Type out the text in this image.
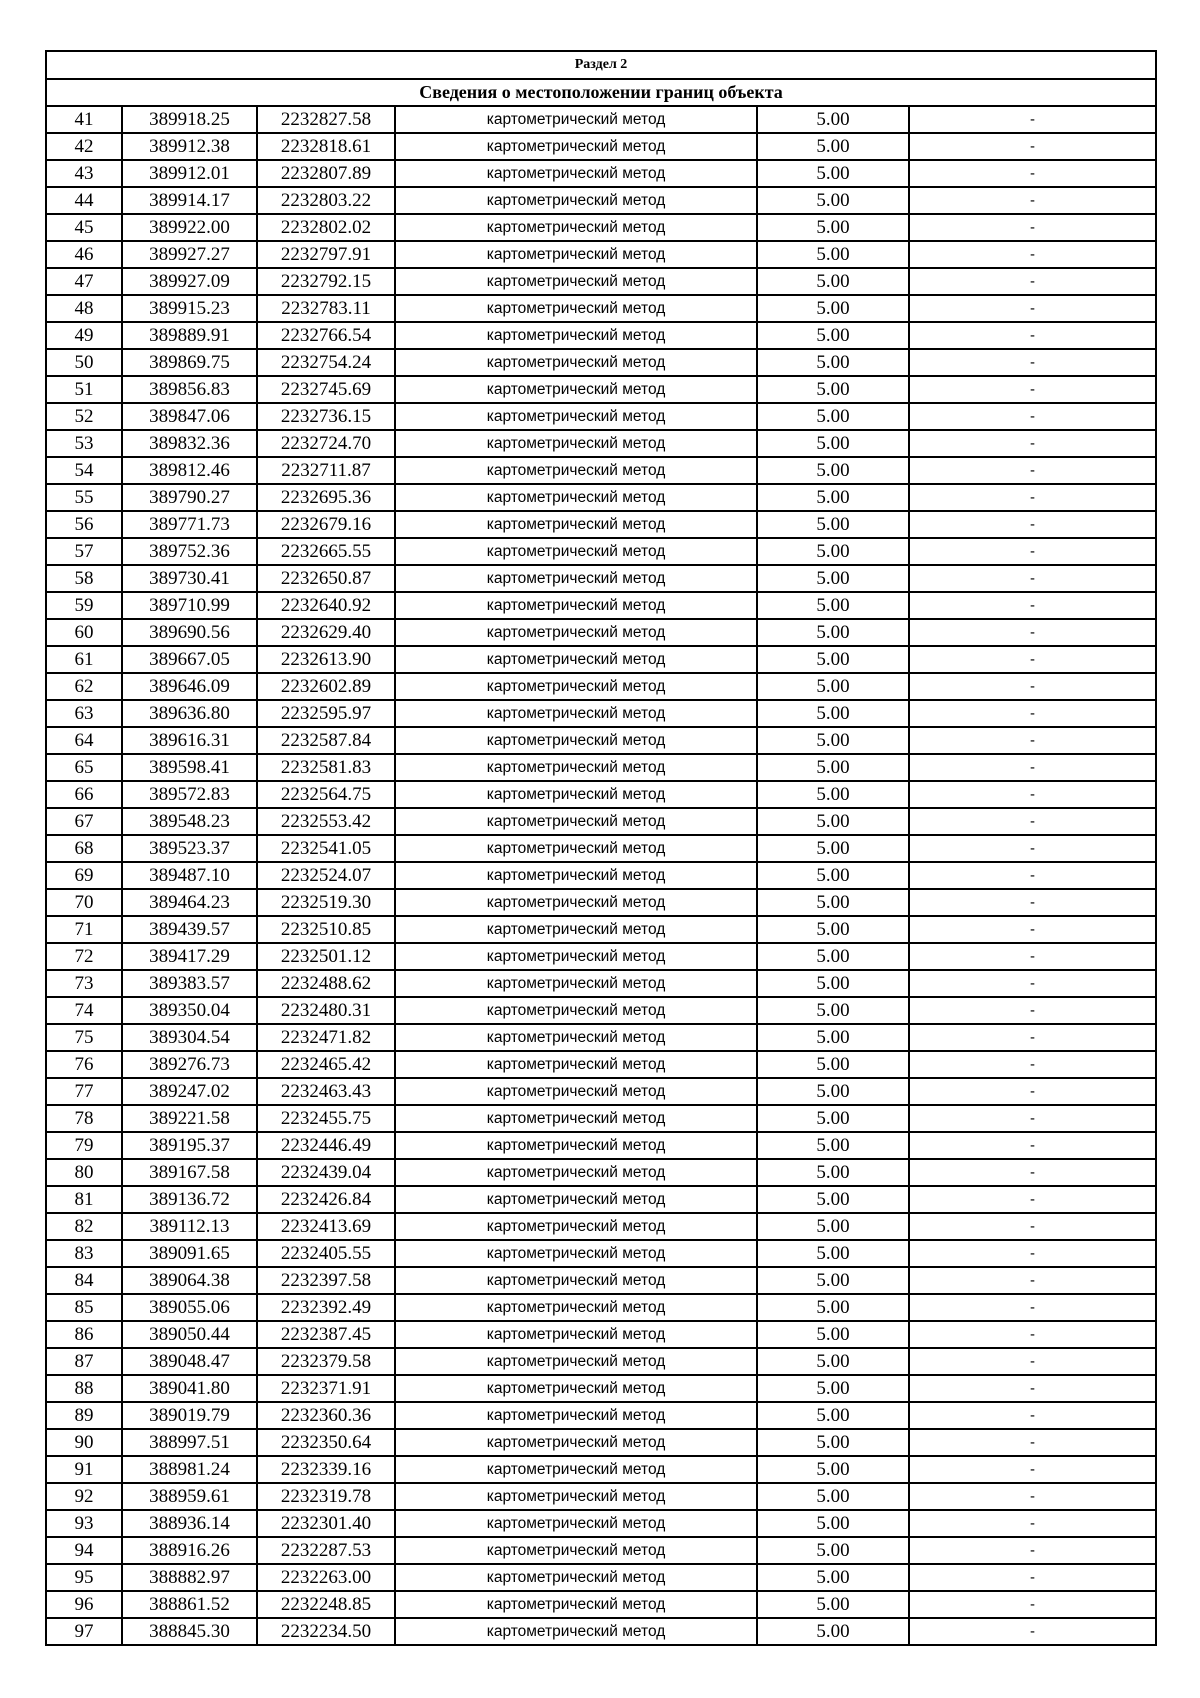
Раздел 2					
Сведения о местоположении границ объекта					
41	389918.25	2232827.58	картометрический метод	5.00	-
42	389912.38	2232818.61	картометрический метод	5.00	-
43	389912.01	2232807.89	картометрический метод	5.00	-
44	389914.17	2232803.22	картометрический метод	5.00	-
45	389922.00	2232802.02	картометрический метод	5.00	-
46	389927.27	2232797.91	картометрический метод	5.00	-
47	389927.09	2232792.15	картометрический метод	5.00	-
48	389915.23	2232783.11	картометрический метод	5.00	-
49	389889.91	2232766.54	картометрический метод	5.00	-
50	389869.75	2232754.24	картометрический метод	5.00	-
51	389856.83	2232745.69	картометрический метод	5.00	-
52	389847.06	2232736.15	картометрический метод	5.00	-
53	389832.36	2232724.70	картометрический метод	5.00	-
54	389812.46	2232711.87	картометрический метод	5.00	-
55	389790.27	2232695.36	картометрический метод	5.00	-
56	389771.73	2232679.16	картометрический метод	5.00	-
57	389752.36	2232665.55	картометрический метод	5.00	-
58	389730.41	2232650.87	картометрический метод	5.00	-
59	389710.99	2232640.92	картометрический метод	5.00	-
60	389690.56	2232629.40	картометрический метод	5.00	-
61	389667.05	2232613.90	картометрический метод	5.00	-
62	389646.09	2232602.89	картометрический метод	5.00	-
63	389636.80	2232595.97	картометрический метод	5.00	-
64	389616.31	2232587.84	картометрический метод	5.00	-
65	389598.41	2232581.83	картометрический метод	5.00	-
66	389572.83	2232564.75	картометрический метод	5.00	-
67	389548.23	2232553.42	картометрический метод	5.00	-
68	389523.37	2232541.05	картометрический метод	5.00	-
69	389487.10	2232524.07	картометрический метод	5.00	-
70	389464.23	2232519.30	картометрический метод	5.00	-
71	389439.57	2232510.85	картометрический метод	5.00	-
72	389417.29	2232501.12	картометрический метод	5.00	-
73	389383.57	2232488.62	картометрический метод	5.00	-
74	389350.04	2232480.31	картометрический метод	5.00	-
75	389304.54	2232471.82	картометрический метод	5.00	-
76	389276.73	2232465.42	картометрический метод	5.00	-
77	389247.02	2232463.43	картометрический метод	5.00	-
78	389221.58	2232455.75	картометрический метод	5.00	-
79	389195.37	2232446.49	картометрический метод	5.00	-
80	389167.58	2232439.04	картометрический метод	5.00	-
81	389136.72	2232426.84	картометрический метод	5.00	-
82	389112.13	2232413.69	картометрический метод	5.00	-
83	389091.65	2232405.55	картометрический метод	5.00	-
84	389064.38	2232397.58	картометрический метод	5.00	-
85	389055.06	2232392.49	картометрический метод	5.00	-
86	389050.44	2232387.45	картометрический метод	5.00	-
87	389048.47	2232379.58	картометрический метод	5.00	-
88	389041.80	2232371.91	картометрический метод	5.00	-
89	389019.79	2232360.36	картометрический метод	5.00	-
90	388997.51	2232350.64	картометрический метод	5.00	-
91	388981.24	2232339.16	картометрический метод	5.00	-
92	388959.61	2232319.78	картометрический метод	5.00	-
93	388936.14	2232301.40	картометрический метод	5.00	-
94	388916.26	2232287.53	картометрический метод	5.00	-
95	388882.97	2232263.00	картометрический метод	5.00	-
96	388861.52	2232248.85	картометрический метод	5.00	-
97	388845.30	2232234.50	картометрический метод	5.00	-
